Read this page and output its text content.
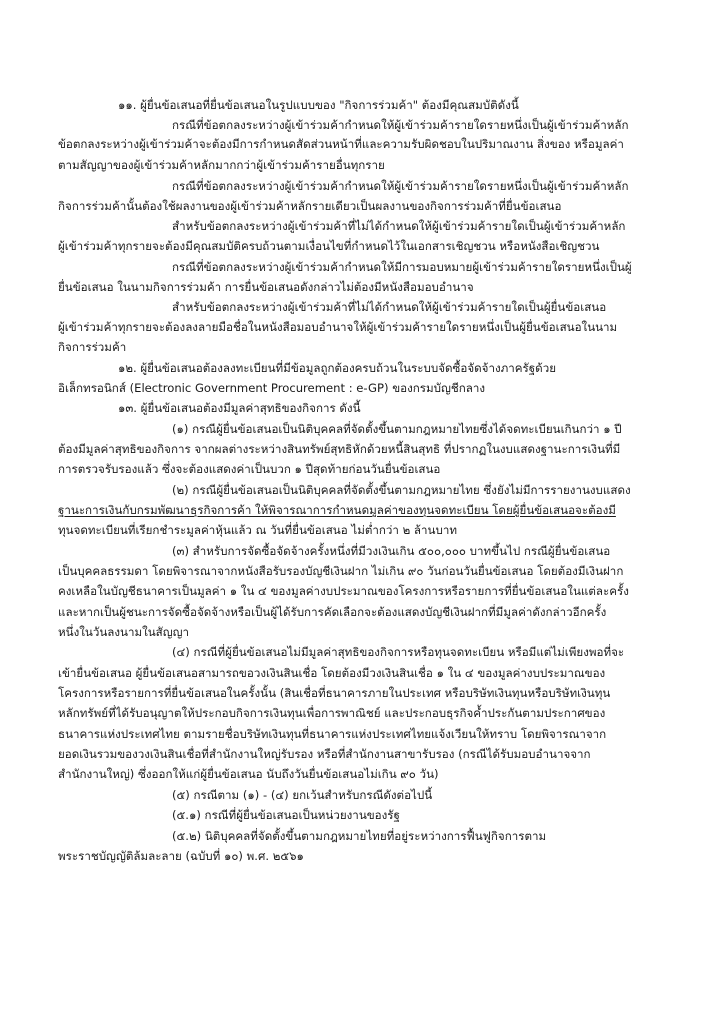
๑๑. ผู้ยื่นข้อเสนอที่ยื่นข้อเสนอในรูปแบบของ "กิจการร่วมค้า" ต้องมีคุณสมบัติดังนี้

กรณีที่ข้อตกลงระหว่างผู้เข้าร่วมค้ากำหนดให้ผู้เข้าร่วมค้ารายใดรายหนึ่งเป็นผู้เข้าร่วมค้าหลัก

ข้อตกลงระหว่างผู้เข้าร่วมค้าจะต้องมีการกำหนดสัดส่วนหน้าที่และความรับผิดชอบในปริมาณงาน สิ่งของ หรือมูลค่า

ตามสัญญาของผู้เข้าร่วมค้าหลักมากกว่าผู้เข้าร่วมค้ารายอื่นทุกราย

กรณีที่ข้อตกลงระหว่างผู้เข้าร่วมค้ากำหนดให้ผู้เข้าร่วมค้ารายใดรายหนึ่งเป็นผู้เข้าร่วมค้าหลัก

กิจการร่วมค้านั้นต้องใช้ผลงานของผู้เข้าร่วมค้าหลักรายเดียวเป็นผลงานของกิจการร่วมค้าที่ยื่นข้อเสนอ

สำหรับข้อตกลงระหว่างผู้เข้าร่วมค้าที่ไม่ได้กำหนดให้ผู้เข้าร่วมค้ารายใดเป็นผู้เข้าร่วมค้าหลัก

ผู้เข้าร่วมค้าทุกรายจะต้องมีคุณสมบัติครบถ้วนตามเงื่อนไขที่กำหนดไว้ในเอกสารเชิญชวน หรือหนังสือเชิญชวน

กรณีที่ข้อตกลงระหว่างผู้เข้าร่วมค้ากำหนดให้มีการมอบหมายผู้เข้าร่วมค้ารายใดรายหนึ่งเป็นผู้

ยื่นข้อเสนอ ในนามกิจการร่วมค้า การยื่นข้อเสนอดังกล่าวไม่ต้องมีหนังสือมอบอำนาจ

สำหรับข้อตกลงระหว่างผู้เข้าร่วมค้าที่ไม่ได้กำหนดให้ผู้เข้าร่วมค้ารายใดเป็นผู้ยื่นข้อเสนอ

ผู้เข้าร่วมค้าทุกรายจะต้องลงลายมือชื่อในหนังสือมอบอำนาจให้ผู้เข้าร่วมค้ารายใดรายหนึ่งเป็นผู้ยื่นข้อเสนอในนาม

กิจการร่วมค้า

๑๒. ผู้ยื่นข้อเสนอต้องลงทะเบียนที่มีข้อมูลถูกต้องครบถ้วนในระบบจัดซื้อจัดจ้างภาครัฐด้วย

อิเล็กทรอนิกส์ (Electronic Government Procurement : e-GP) ของกรมบัญชีกลาง

๑๓. ผู้ยื่นข้อเสนอต้องมีมูลค่าสุทธิของกิจการ ดังนี้

(๑) กรณีผู้ยื่นข้อเสนอเป็นนิติบุคคลที่จัดตั้งขึ้นตามกฎหมายไทยซึ่งได้จดทะเบียนเกินกว่า ๑ ปี

ต้องมีมูลค่าสุทธิของกิจการ จากผลต่างระหว่างสินทรัพย์สุทธิหักด้วยหนี้สินสุทธิ ที่ปรากฏในงบแสดงฐานะการเงินที่มี

การตรวจรับรองแล้ว ซึ่งจะต้องแสดงค่าเป็นบวก ๑ ปีสุดท้ายก่อนวันยื่นข้อเสนอ

(๒) กรณีผู้ยื่นข้อเสนอเป็นนิติบุคคลที่จัดตั้งขึ้นตามกฎหมายไทย ซึ่งยังไม่มีการรายงานงบแสดง

ฐานะการเงินกับกรมพัฒนาธุรกิจการค้า ให้พิจารณาการกำหนดมูลค่าของทุนจดทะเบียน โดยผู้ยื่นข้อเสนอจะต้องมี

ทุนจดทะเบียนที่เรียกชำระมูลค่าหุ้นแล้ว ณ วันที่ยื่นข้อเสนอ ไม่ต่ำกว่า ๒ ล้านบาท

(๓) สำหรับการจัดซื้อจัดจ้างครั้งหนึ่งที่มีวงเงินเกิน ๕๐๐,๐๐๐ บาทขึ้นไป กรณีผู้ยื่นข้อเสนอ

เป็นบุคคลธรรมดา โดยพิจารณาจากหนังสือรับรองบัญชีเงินฝาก ไม่เกิน ๙๐ วันก่อนวันยื่นข้อเสนอ โดยต้องมีเงินฝาก

คงเหลือในบัญชีธนาคารเป็นมูลค่า ๑ ใน ๔ ของมูลค่างบประมาณของโครงการหรือรายการที่ยื่นข้อเสนอในแต่ละครั้ง

และหากเป็นผู้ชนะการจัดซื้อจัดจ้างหรือเป็นผู้ได้รับการคัดเลือกจะต้องแสดงบัญชีเงินฝากที่มีมูลค่าดังกล่าวอีกครั้ง

หนึ่งในวันลงนามในสัญญา

(๔) กรณีที่ผู้ยื่นข้อเสนอไม่มีมูลค่าสุทธิของกิจการหรือทุนจดทะเบียน หรือมีแต่ไม่เพียงพอที่จะ

เข้ายื่นข้อเสนอ ผู้ยื่นข้อเสนอสามารถขอวงเงินสินเชื่อ โดยต้องมีวงเงินสินเชื่อ ๑ ใน ๔ ของมูลค่างบประมาณของ

โครงการหรือรายการที่ยื่นข้อเสนอในครั้งนั้น (สินเชื่อที่ธนาคารภายในประเทศ หรือบริษัทเงินทุนหรือบริษัทเงินทุน

หลักทรัพย์ที่ได้รับอนุญาตให้ประกอบกิจการเงินทุนเพื่อการพาณิชย์ และประกอบธุรกิจค้ำประกันตามประกาศของ

ธนาคารแห่งประเทศไทย ตามรายชื่อบริษัทเงินทุนที่ธนาคารแห่งประเทศไทยแจ้งเวียนให้ทราบ โดยพิจารณาจาก

ยอดเงินรวมของวงเงินสินเชื่อที่สำนักงานใหญ่รับรอง หรือที่สำนักงานสาขารับรอง (กรณีได้รับมอบอำนาจจาก

สำนักงานใหญ่) ซึ่งออกให้แก่ผู้ยื่นข้อเสนอ นับถึงวันยื่นข้อเสนอไม่เกิน ๙๐ วัน)

(๕) กรณีตาม (๑) - (๔) ยกเว้นสำหรับกรณีดังต่อไปนี้

(๕.๑) กรณีที่ผู้ยื่นข้อเสนอเป็นหน่วยงานของรัฐ

(๕.๒) นิติบุคคลที่จัดตั้งขึ้นตามกฎหมายไทยที่อยู่ระหว่างการฟื้นฟูกิจการตาม

พระราชบัญญัติล้มละลาย (ฉบับที่ ๑๐) พ.ศ. ๒๕๖๑
